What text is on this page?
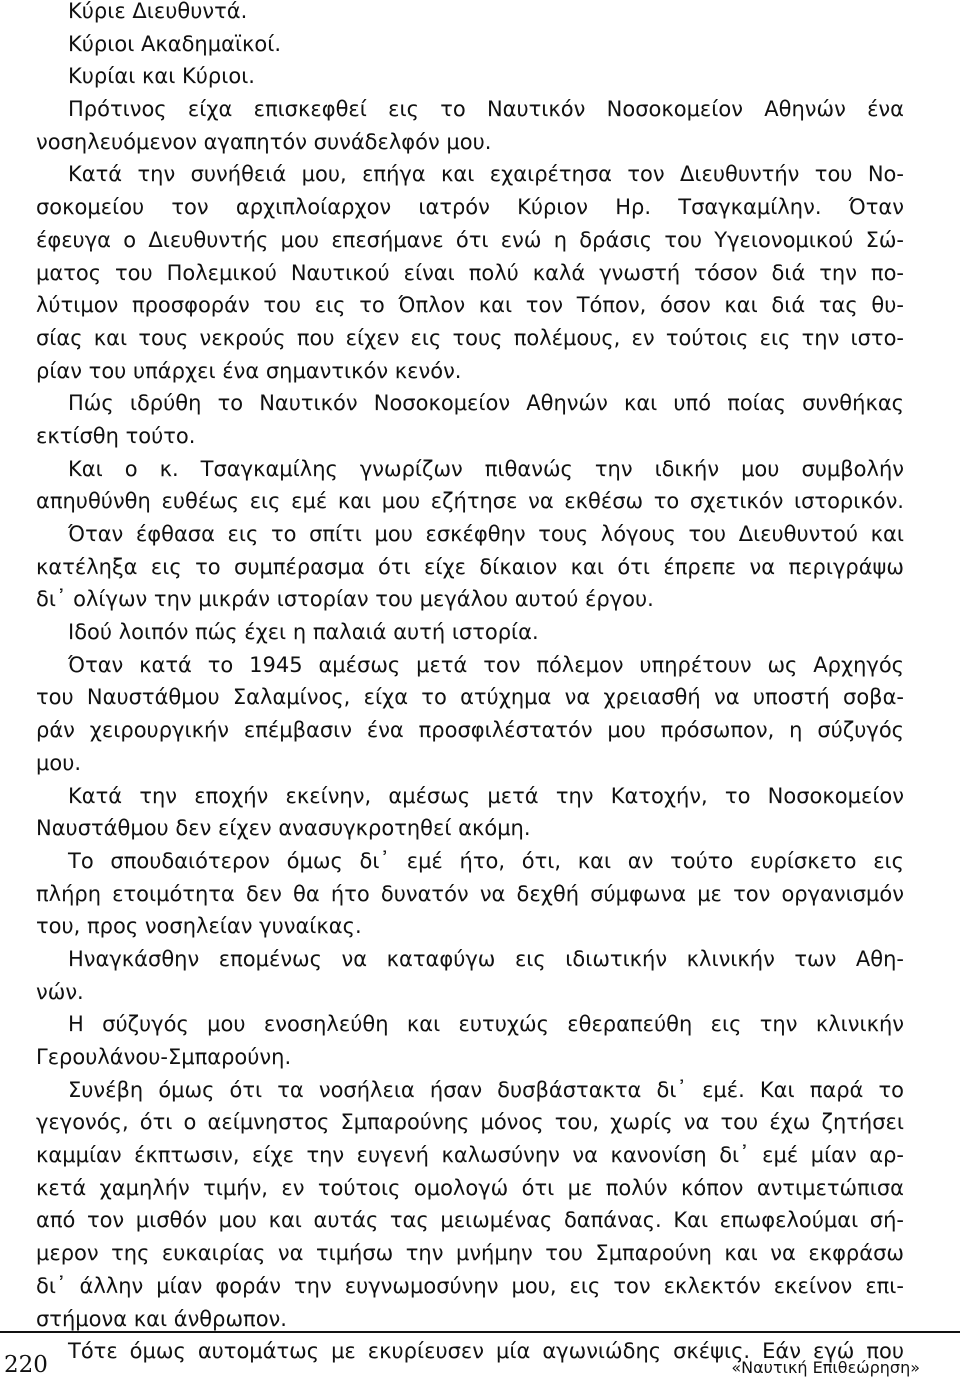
Κύριε Διευθυντά.
Κύριοι Ακαδημαϊκοί.
Κυρίαι και Κύριοι.
Πρότινος είχα επισκεφθεί εις το Ναυτικόν Νοσοκομείον Αθηνών ένα
νοσηλευόμενον αγαπητόν συνάδελφόν μου.
Κατά την συνήθειά μου, επήγα και εχαιρέτησα τον Διευθυντήν του Νο-
σοκομείου τον αρχιπλοίαρχον ιατρόν Κύριον Ηρ. Τσαγκαμίλην. Όταν
έφευγα ο Διευθυντής μου επεσήμανε ότι ενώ η δράσις του Υγειονομικού Σώ-
ματος του Πολεμικού Ναυτικού είναι πολύ καλά γνωστή τόσον διά την πο-
λύτιμον προσφοράν του εις το Όπλον και τον Τόπον, όσον και διά τας θυ-
σίας και τους νεκρούς που είχεν εις τους πολέμους, εν τούτοις εις την ιστο-
ρίαν του υπάρχει ένα σημαντικόν κενόν.
Πώς ιδρύθη το Ναυτικόν Νοσοκομείον Αθηνών και υπό ποίας συνθήκας
εκτίσθη τούτο.
Και ο κ. Τσαγκαμίλης γνωρίζων πιθανώς την ιδικήν μου συμβολήν
απηυθύνθη ευθέως εις εμέ και μου εζήτησε να εκθέσω το σχετικόν ιστορικόν.
Όταν έφθασα εις το σπίτι μου εσκέφθην τους λόγους του Διευθυντού και
κατέληξα εις το συμπέρασμα ότι είχε δίκαιον και ότι έπρεπε να περιγράψω
δι᾽ ολίγων την μικράν ιστορίαν του μεγάλου αυτού έργου.
Ιδού λοιπόν πώς έχει η παλαιά αυτή ιστορία.
Όταν κατά το 1945 αμέσως μετά τον πόλεμον υπηρέτουν ως Αρχηγός
του Ναυστάθμου Σαλαμίνος, είχα το ατύχημα να χρειασθή να υποστή σοβα-
ράν χειρουργικήν επέμβασιν ένα προσφιλέστατόν μου πρόσωπον, η σύζυγός
μου.
Κατά την εποχήν εκείνην, αμέσως μετά την Κατοχήν, το Νοσοκομείον
Ναυστάθμου δεν είχεν ανασυγκροτηθεί ακόμη.
Το σπουδαιότερον όμως δι᾽ εμέ ήτο, ότι, και αν τούτο ευρίσκετο εις
πλήρη ετοιμότητα δεν θα ήτο δυνατόν να δεχθή σύμφωνα με τον οργανισμόν
του, προς νοσηλείαν γυναίκας.
Ηναγκάσθην επομένως να καταφύγω εις ιδιωτικήν κλινικήν των Αθη-
νών.
Η σύζυγός μου ενοσηλεύθη και ευτυχώς εθεραπεύθη εις την κλινικήν
Γερουλάνου-Σμπαρούνη.
Συνέβη όμως ότι τα νοσήλεια ήσαν δυσβάστακτα δι᾽ εμέ. Και παρά το
γεγονός, ότι ο αείμνηστος Σμπαρούνης μόνος του, χωρίς να του έχω ζητήσει
καμμίαν έκπτωσιν, είχε την ευγενή καλωσύνην να κανονίση δι᾽ εμέ μίαν αρ-
κετά χαμηλήν τιμήν, εν τούτοις ομολογώ ότι με πολύν κόπον αντιμετώπισα
από τον μισθόν μου και αυτάς τας μειωμένας δαπάνας. Και επωφελούμαι σή-
μερον της ευκαιρίας να τιμήσω την μνήμην του Σμπαρούνη και να εκφράσω
δι᾽ άλλην μίαν φοράν την ευγνωμοσύνην μου, εις τον εκλεκτόν εκείνον επι-
στήμονα και άνθρωπον.
Τότε όμως αυτομάτως με εκυρίευσεν μία αγωνιώδης σκέψις. Εάν εγώ που
220	«Ναυτική Επιθεώρηση»
